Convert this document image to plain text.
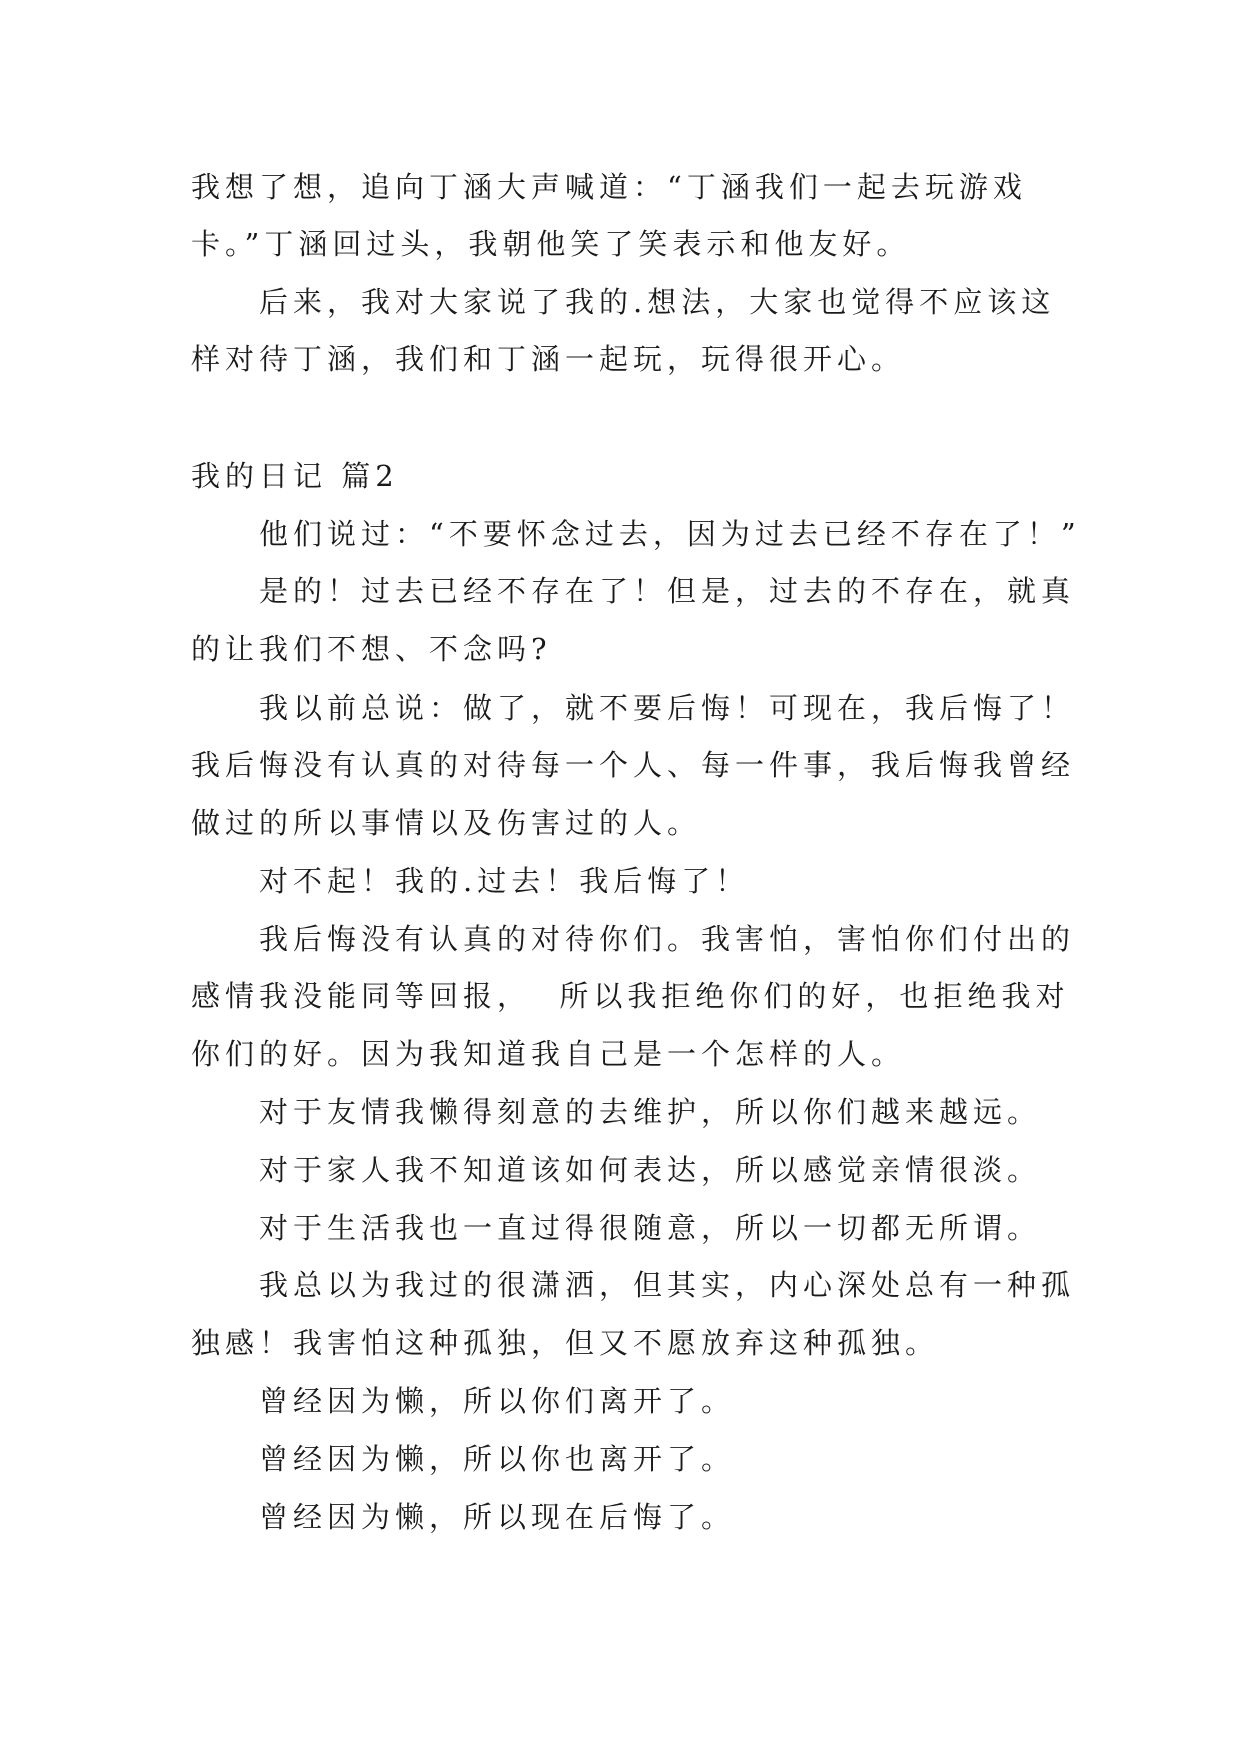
我想了想，追向丁涵大声喊道：“丁涵我们一起去玩游戏
卡。”丁涵回过头，我朝他笑了笑表示和他友好。
后来，我对大家说了我的.想法，大家也觉得不应该这
样对待丁涵，我们和丁涵一起玩，玩得很开心。
我的日记 篇2
他们说过：“不要怀念过去，因为过去已经不存在了！”
是的！过去已经不存在了！但是，过去的不存在，就真
的让我们不想、不念吗?
我以前总说：做了，就不要后悔！可现在，我后悔了！
我后悔没有认真的对待每一个人、每一件事，我后悔我曾经
做过的所以事情以及伤害过的人。
对不起！我的.过去！我后悔了！
我后悔没有认真的对待你们。我害怕，害怕你们付出的
感情我没能同等回报，  所以我拒绝你们的好，也拒绝我对
你们的好。因为我知道我自己是一个怎样的人。
对于友情我懒得刻意的去维护，所以你们越来越远。
对于家人我不知道该如何表达，所以感觉亲情很淡。
对于生活我也一直过得很随意，所以一切都无所谓。
我总以为我过的很潇洒，但其实，内心深处总有一种孤
独感！我害怕这种孤独，但又不愿放弃这种孤独。
曾经因为懒，所以你们离开了。
曾经因为懒，所以你也离开了。
曾经因为懒，所以现在后悔了。
